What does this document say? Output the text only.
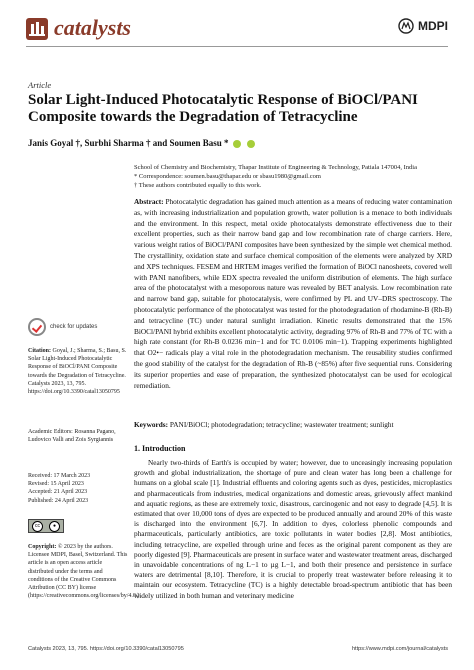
catalysts	MDPI
Article
Solar Light-Induced Photocatalytic Response of BiOCl/PANI Composite towards the Degradation of Tetracycline
Janis Goyal †, Surbhi Sharma † and Soumen Basu *
School of Chemistry and Biochemistry, Thapar Institute of Engineering & Technology, Patiala 147004, India
* Correspondence: soumen.basu@thapar.edu or sbasu1980@gmail.com
† These authors contributed equally to this work.
Abstract: Photocatalytic degradation has gained much attention as a means of reducing water contamination as, with increasing industrialization and population growth, water pollution is a menace to both individuals and the environment. In this respect, metal oxide photocatalysts demonstrate effectiveness due to their excellent properties, such as their narrow band gap and low recombination rate of charge carriers. Here, various weight ratios of BiOCl/PANI composites have been synthesized by the simple wet chemical method. The crystallinity, oxidation state and surface chemical composition of the elements were analyzed by XRD and XPS techniques. FESEM and HRTEM images verified the formation of BiOCl nanosheets, covered well with PANI nanofibers, while EDX spectra revealed the uniform distribution of elements. The high surface area of the photocatalyst with a mesoporous nature was revealed by BET analysis. Low recombination rate and narrow band gap, suitable for photocatalysis, were confirmed by PL and UV–DRS spectroscopy. The photocatalytic performance of the photocatalyst was tested for the photodegradation of rhodamine-B (Rh-B) and tetracycline (TC) under natural sunlight irradiation. Kinetic results demonstrated that the 15% BiOCl/PANI hybrid exhibits excellent photocatalytic activity, degrading 97% of Rh-B and 77% of TC with a high rate constant (for Rh-B 0.0236 min−1 and for TC 0.0106 min−1). Trapping experiments highlighted that O2•− radicals play a vital role in the photodegradation mechanism. The reusability studies confirmed the good stability of the catalyst for the degradation of Rh-B (~85%) after five sequential runs. Considering its superior properties and ease of preparation, the synthesized photocatalyst can be used for ecological remediation.
Keywords: PANI/BiOCl; photodegradation; tetracycline; wastewater treatment; sunlight
check for updates
Citation: Goyal, J.; Sharma, S.; Basu, S. Solar Light-Induced Photocatalytic Response of BiOCl/PANI Composite towards the Degradation of Tetracycline. Catalysts 2023, 13, 795. https://doi.org/10.3390/catal13050795
Academic Editors: Rosanna Pagano, Ludovico Valli and Zois Syrgiannis
Received: 17 March 2023
Revised: 15 April 2023
Accepted: 21 April 2023
Published: 24 April 2023
cc	●
Copyright: © 2023 by the authors. Licensee MDPI, Basel, Switzerland. This article is an open access article distributed under the terms and conditions of the Creative Commons Attribution (CC BY) license (https://creativecommons.org/licenses/by/4.0/).
1. Introduction
Nearly two-thirds of Earth's is occupied by water; however, due to unceasingly increasing population growth and global industrialization, the shortage of pure and clean water has long been a challenge for humans on a global scale [1]. Industrial effluents and coloring agents such as dyes, pesticides, microplastics and pharmaceuticals from industries, medical organizations and domestic areas, grievously affect mankind and aquatic regions, as these are extremely toxic, disastrous, carcinogenic and not easy to degrade [4,5]. It is estimated that over 10,000 tons of dyes are expected to be produced annually and around 20% of this waste is discharged into the environment [6,7]. In addition to dyes, colorless phenolic compounds and pharmaceuticals, particularly antibiotics, are toxic pollutants in water bodies [2,8]. Most antibiotics, including tetracycline, are expelled through urine and feces as the original parent component as they are poorly digested [9]. Pharmaceuticals are present in surface water and wastewater treatment areas, discharged in unavoidable concentrations of ng L−1 to µg L−1, and both their presence and persistence in surface waters are detrimental [8,10]. Therefore, it is crucial to properly treat wastewater before releasing it to maintain our ecosystem. Tetracycline (TC) is a highly detectable broad-spectrum antibiotic that has been widely utilized in both human and veterinary medicine
Catalysts 2023, 13, 795. https://doi.org/10.3390/catal13050795	https://www.mdpi.com/journal/catalysts
